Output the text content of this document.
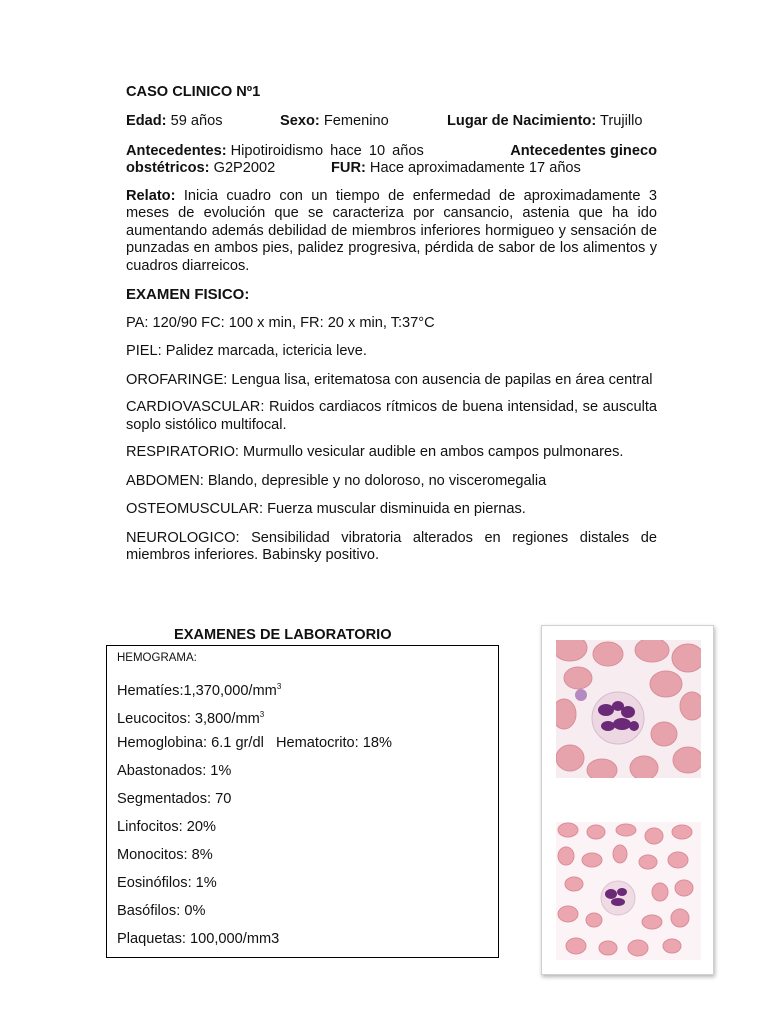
CASO CLINICO Nº1
Edad: 59 años	Sexo: Femenino	Lugar de Nacimiento: Trujillo
Antecedentes: Hipotiroidismo hace 10 años	Antecedentes gineco
obstétricos: G2P2002	FUR: Hace aproximadamente 17 años
Relato: Inicia cuadro con un tiempo de enfermedad de aproximadamente 3 meses de evolución que se caracteriza por cansancio, astenia que ha ido aumentando además debilidad de miembros inferiores hormigueo y sensación de punzadas en ambos pies, palidez progresiva, pérdida de sabor de los alimentos y cuadros diarreicos.
EXAMEN FISICO:
PA: 120/90 FC: 100 x min, FR: 20 x min, T:37°C
PIEL: Palidez marcada, ictericia leve.
OROFARINGE: Lengua lisa, eritematosa con ausencia de papilas en área central
CARDIOVASCULAR: Ruidos cardiacos rítmicos de buena intensidad, se ausculta soplo sistólico multifocal.
RESPIRATORIO: Murmullo vesicular audible en ambos campos pulmonares.
ABDOMEN: Blando, depresible y no doloroso, no visceromegalia
OSTEOMUSCULAR: Fuerza muscular disminuida en piernas.
NEUROLOGICO: Sensibilidad vibratoria alterados en regiones distales de miembros inferiores. Babinsky positivo.
EXAMENES DE LABORATORIO
HEMOGRAMA:
$Hematíes:1,370,000/mm^3$
Leucocitos: $3,800/mm^3$
Hemoglobina: 6.1 gr/dl   Hematocrito: 18%
Abastonados: 1%
Segmentados: 70
Linfocitos: 20%
Monocitos: 8%
Eosinófilos: 1%
Basófilos: 0%
Plaquetas: 100,000/mm3
